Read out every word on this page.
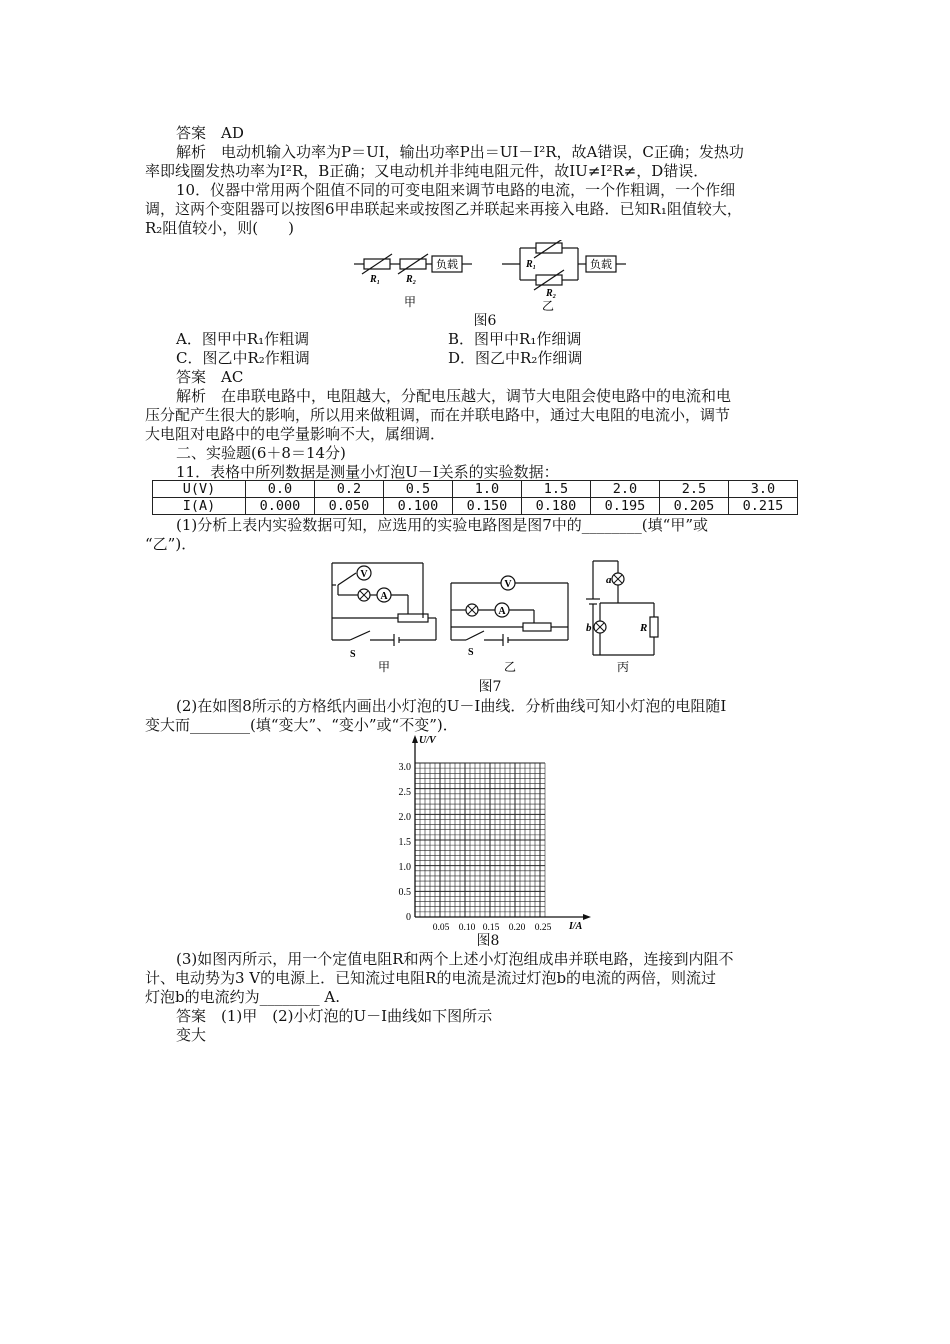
答案　AD
解析　电动机输入功率为P＝UI，输出功率P出＝UI－I²R，故A错误，C正确；发热功
率即线圈发热功率为I²R，B正确；又电动机并非纯电阻元件，故IU≠I²R≠，D错误．
10．仪器中常用两个阻值不同的可变电阻来调节电路的电流，一个作粗调，一个作细
调，这两个变阻器可以按图6甲串联起来或按图乙并联起来再接入电路．已知R₁阻值较大，
R₂阻值较小，则(　　)
负载	负载
R₁	R₂
R₁
R₂
甲	乙
图6
A．图甲中R₁作粗调	B．图甲中R₁作细调
C．图乙中R₂作粗调	D．图乙中R₂作细调
答案　AC
解析　在串联电路中，电阻越大，分配电压越大，调节大电阻会使电路中的电流和电
压分配产生很大的影响，所以用来做粗调，而在并联电路中，通过大电阻的电流小，调节
大电阻对电路中的电学量影响不大，属细调．
二、实验题(6＋8＝14分)
11．表格中所列数据是测量小灯泡U－I关系的实验数据：
U(V)	0.0	0.2	0.5	1.0	1.5	2.0	2.5	3.0
I(A)	0.000	0.050	0.100	0.150	0.180	0.195	0.205	0.215
(1)分析上表内实验数据可知，应选用的实验电路图是图7中的________(填“甲”或
“乙”)．
V
A
V
A
S	S
a
b	R
甲	乙	丙
图7
(2)在如图8所示的方格纸内画出小灯泡的U－I曲线．分析曲线可知小灯泡的电阻随I
变大而________(填“变大”、“变小”或“不变”)．
U/V
I/A
3.0
2.5
2.0
1.5
1.0
0.5
0
0.05 0.10 0.15 0.20 0.25
图8
(3)如图丙所示，用一个定值电阻R和两个上述小灯泡组成串并联电路，连接到内阻不
计、电动势为3 V的电源上．已知流过电阻R的电流是流过灯泡b的电流的两倍，则流过
灯泡b的电流约为________ A.
答案　(1)甲　(2)小灯泡的U－I曲线如下图所示
变大
